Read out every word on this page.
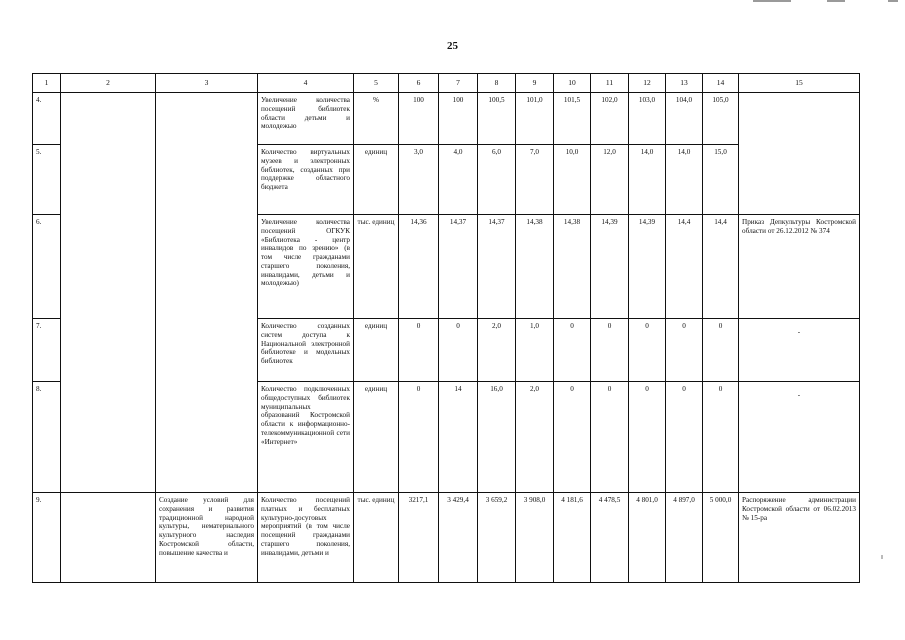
25
1	2	3	4	5	6	7	8	9	10	11	12	13	14	15
4.			Увеличение количества посещений библиотек области детьми и молодежью	%	100	100	100,5	101,0	101,5	102,0	103,0	104,0	105,0	
5.			Количество виртуальных музеев и электронных библиотек, созданных при поддержке областного бюджета	единиц	3,0	4,0	6,0	7,0	10,0	12,0	14,0	14,0	15,0	
6.			Увеличение количества посещений ОГКУК «Библиотека - центр инвалидов по зрению» (в том числе гражданами старшего поколения, инвалидами, детьми и молодежью)	тыс. единиц	14,36	14,37	14,37	14,38	14,38	14,39	14,39	14,4	14,4	Приказ Депкультуры Костромской области от 26.12.2012 № 374
7.			Количество созданных систем доступа к Национальной электронной библиотеке и модельных библиотек	единиц	0	0	2,0	1,0	0	0	0	0	0	-

8.			Количество подключенных общедоступных библиотек муниципальных образований Костромской области к информационно-телекоммуникационной сети «Интернет»	единиц	0	14	16,0	2,0	0	0	0	0	0	-

9.		Создание условий для сохранения и развития традиционной народной культуры, нематериального культурного наследия Костромской области, повышение качества и	Количество посещений платных и бесплатных культурно-досуговых мероприятий (в том числе посещений гражданами старшего поколения, инвалидами, детьми и	тыс. единиц	3217,1	3 429,4	3 659,2	3 908,0	4 181,6	4 478,5	4 801,0	4 897,0	5 000,0	Распоряжение администрации Костромской области от 06.02.2013 № 15-ра
